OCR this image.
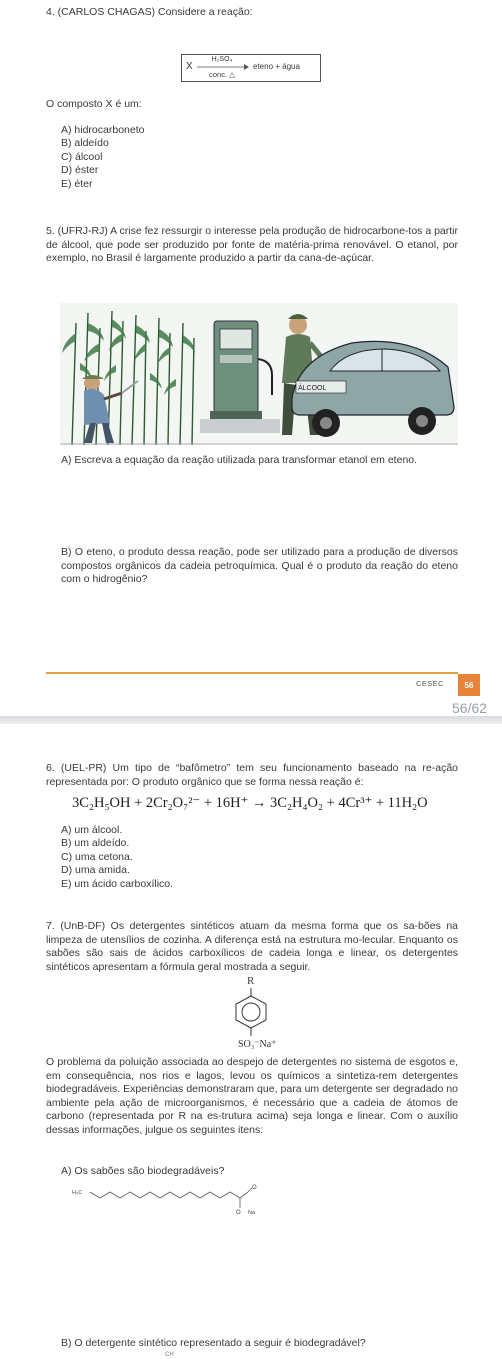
4. (CARLOS CHAGAS) Considere a reação:

X
H₂SO₄
conc. △
eteno + água

O composto X é um:

A) hidrocarboneto
B) aldeído
C) álcool
D) éster
E) éter

5. (UFRJ-RJ) A crise fez ressurgir o interesse pela produção de hidrocarbone-tos a partir de álcool, que pode ser produzido por fonte de matéria-prima renovável. O etanol, por exemplo, no Brasil é largamente produzido a partir da cana-de-açúcar.

ÁLCOOL

A) Escreva a equação da reação utilizada para transformar etanol em eteno.

B) O eteno, o produto dessa reação, pode ser utilizado para a produção de diversos compostos orgânicos da cadeia petroquímica. Qual é o produto da reação do eteno com o hidrogênio?

CESEC	56
56/62

6. (UEL-PR) Um tipo de “bafômetro” tem seu funcionamento baseado na re-ação representada por: O produto orgânico que se forma nessa reação é:

3C₂H₅OH + 2Cr₂O₇²⁻ + 16H⁺ → 3C₂H₄O₂ + 4Cr³⁺ + 11H₂O

A) um álcool.
B) um aldeído.
C) uma cetona.
D) uma amida.
E) um ácido carboxílico.

7. (UnB-DF) Os detergentes sintéticos atuam da mesma forma que os sa-bões na limpeza de utensílios de cozinha. A diferença está na estrutura mo-lecular. Enquanto os sabões são sais de ácidos carboxílicos de cadeia longa e linear, os detergentes sintéticos apresentam a fórmula geral mostrada a seguir.

R
SO₃⁻Na⁺

O problema da poluição associada ao despejo de detergentes no sistema de esgotos e, em consequência, nos rios e lagos, levou os químicos a sintetiza-rem detergentes biodegradáveis. Experiências demonstraram que, para um detergente ser degradado no ambiente pela ação de microorganismos, é necessário que a cadeia de átomos de carbono (representada por R na es-trutura acima) seja longa e linear. Com o auxílio dessas informações, julgue os seguintes itens:

A) Os sabões são biodegradáveis?

H₃C
O
O Na

B) O detergente sintético representado a seguir é biodegradável?

CH
